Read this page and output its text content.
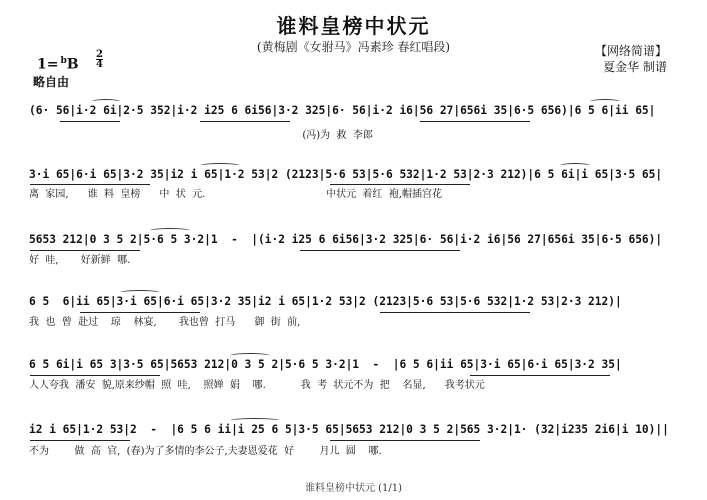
谁料皇榜中状元
(黄梅剧《女驸马》冯素珍 春红唱段)
1= $^b$B
2
4
略自由
【网络简谱】
夏金华 制谱
(6· 56|i·2 6i|2·5 352|i·2 i25 6 6i56|3·2 325|6· 56|i·2 i6|56 27|656i 35|6·5 656)|6 5 6|ii 65|
(冯)为  救  李郎
3·i 65|6·i 65|3·2 35|i2 i 65|1·2 53|2 (2123|5·6 53|5·6 532|1·2 53|2·3 212)|6 5 6i|i 65|3·5 65|
离  家园,      谁  料  皇榜      中  状  元.                                      中状元  着红  袍,帽插宫花
5653 212|0 3 5 2|5·6 5 3·2|1  -  |(i·2 i25 6 6i56|3·2 325|6· 56|i·2 i6|56 27|656i 35|6·5 656)|
好  哇,       好新鲜  哪.
6 5  6|ii 65|3·i 65|6·i 65|3·2 35|i2 i 65|1·2 53|2 (2123|5·6 53|5·6 532|1·2 53|2·3 212)|
我  也  曾  赴过    琼    林宴,       我也曾  打马      御  街  前,
6 5 6i|i 65 3|3·5 65|5653 212|0 3 5 2|5·6 5 3·2|1  -  |6 5 6|ii 65|3·i 65|6·i 65|3·2 35|
人人夸我  潘安  貌,原来纱帽  照  哇,    照婵  娟    哪.           我  考  状元不为  把    名显,      我考状元
i2 i 65|1·2 53|2  -  |6 5 6 ii|i 25 6 5|3·5 65|5653 212|0 3 5 2|565 3·2|1· (32|i235 2i6|i 10)||
不为        做  高  官,  (春)为了多情的李公子,夫妻恩爱花  好        月儿  圆    哪.
谁料皇榜中状元 (1/1)
